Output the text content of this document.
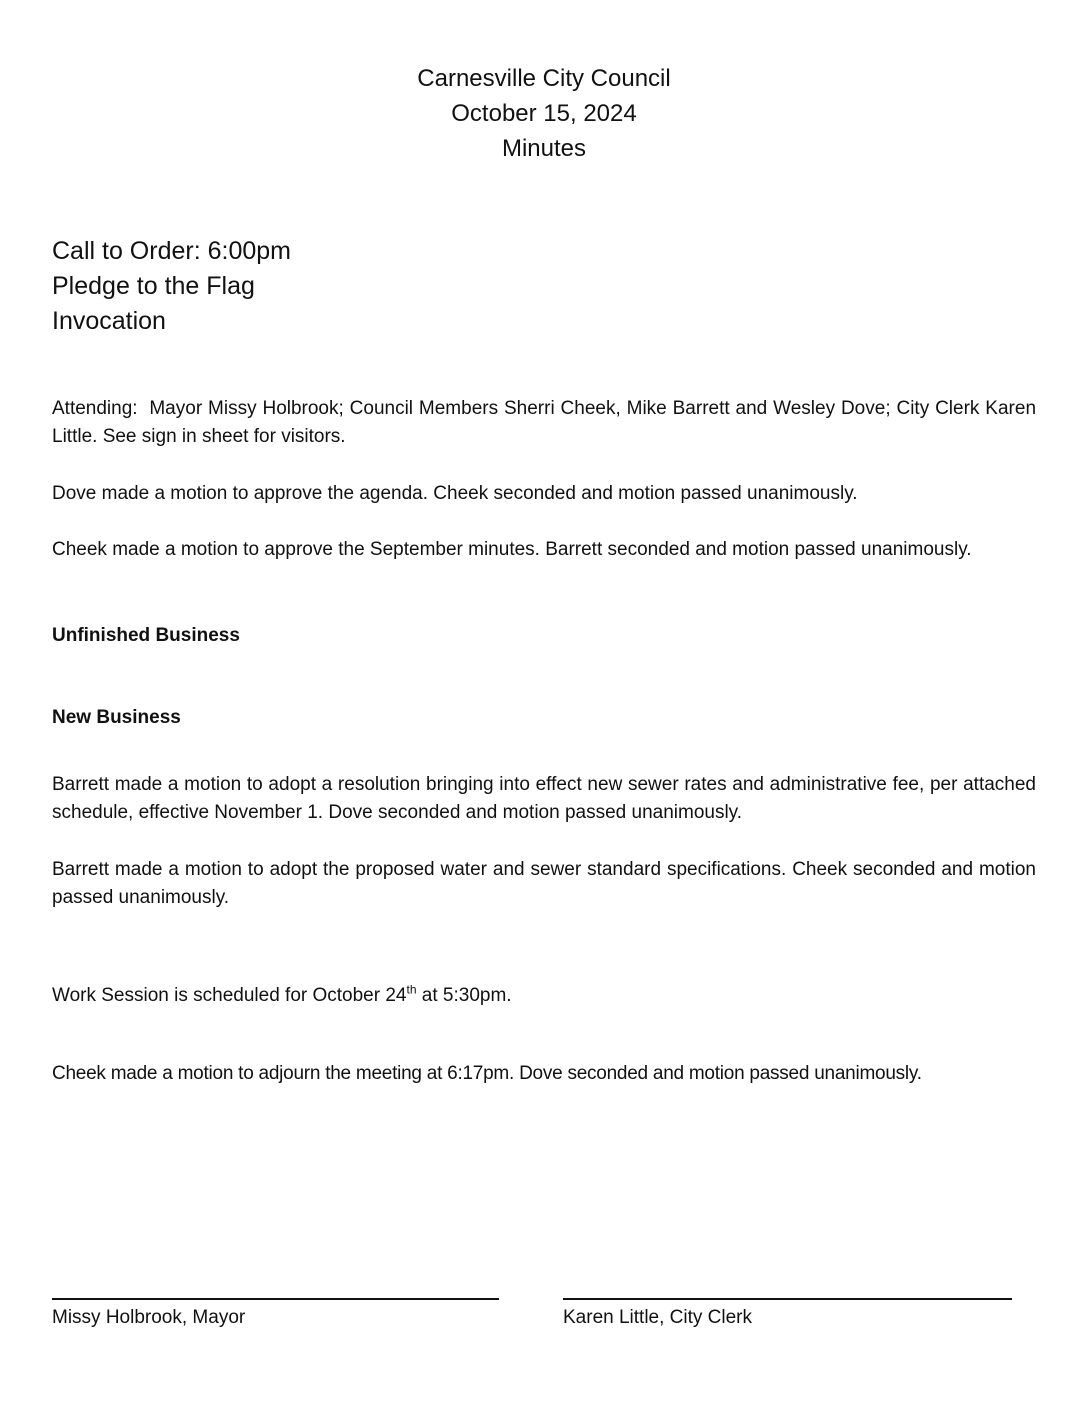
Carnesville City Council
October 15, 2024
Minutes
Call to Order: 6:00pm
Pledge to the Flag
Invocation
Attending: Mayor Missy Holbrook; Council Members Sherri Cheek, Mike Barrett and Wesley Dove; City Clerk Karen Little. See sign in sheet for visitors.
Dove made a motion to approve the agenda. Cheek seconded and motion passed unanimously.
Cheek made a motion to approve the September minutes. Barrett seconded and motion passed unanimously.
Unfinished Business
New Business
Barrett made a motion to adopt a resolution bringing into effect new sewer rates and administrative fee, per attached schedule, effective November 1. Dove seconded and motion passed unanimously.
Barrett made a motion to adopt the proposed water and sewer standard specifications. Cheek seconded and motion passed unanimously.
Work Session is scheduled for October 24th at 5:30pm.
Cheek made a motion to adjourn the meeting at 6:17pm. Dove seconded and motion passed unanimously.
Missy Holbrook, Mayor	Karen Little, City Clerk
